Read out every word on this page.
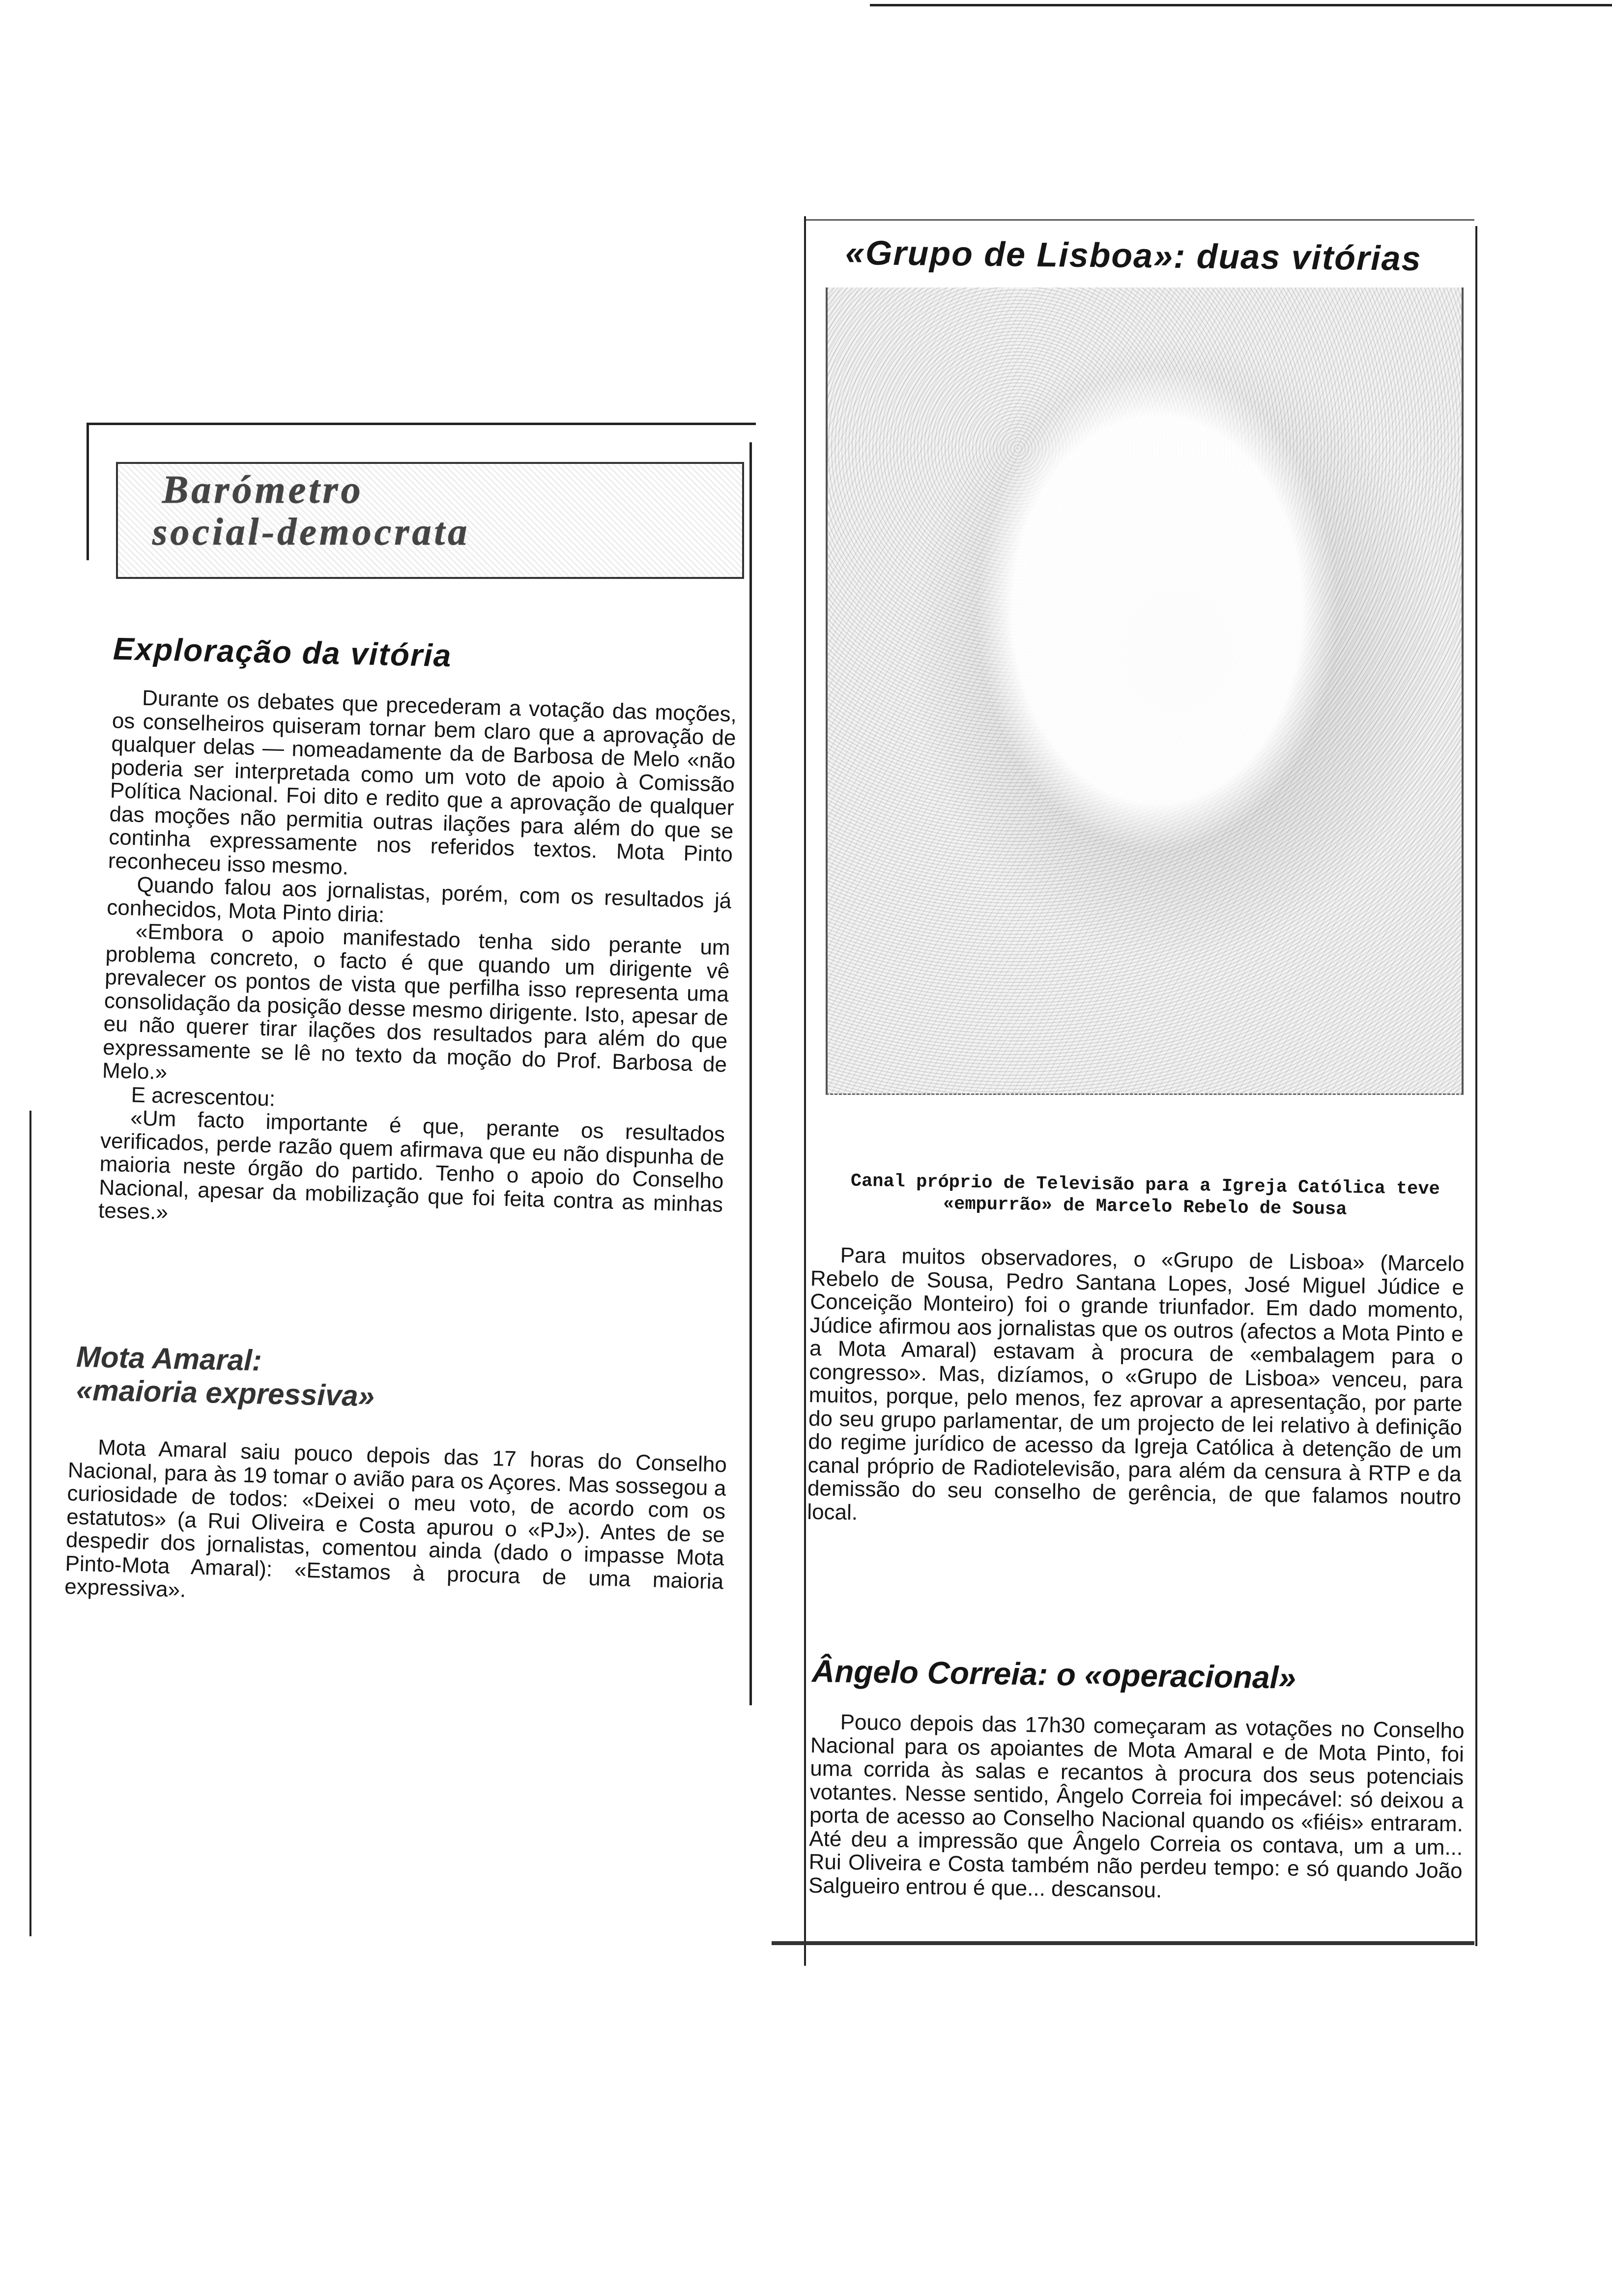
Barómetro
social-democrata
Exploração da vitória

Durante os debates que precederam a votação das moções, os conselheiros quiseram tornar bem claro que a aprovação de qualquer delas — nomeadamente da de Barbosa de Melo «não poderia ser interpretada como um voto de apoio à Comissão Política Nacional. Foi dito e redito que a aprovação de qualquer das moções não permitia outras ilações para além do que se continha expressamente nos referidos textos. Mota Pinto reconheceu isso mesmo.

Quando falou aos jornalistas, porém, com os resultados já conhecidos, Mota Pinto diria:

«Embora o apoio manifestado tenha sido perante um problema concreto, o facto é que quando um dirigente vê prevalecer os pontos de vista que perfilha isso representa uma consolidação da posição desse mesmo dirigente. Isto, apesar de eu não querer tirar ilações dos resultados para além do que expressamente se lê no texto da moção do Prof. Barbosa de Melo.»

E acrescentou:

«Um facto importante é que, perante os resultados verificados, perde razão quem afirmava que eu não dispunha de maioria neste órgão do partido. Tenho o apoio do Conselho Nacional, apesar da mobilização que foi feita contra as minhas teses.»

Mota Amaral:
«maioria expressiva»

Mota Amaral saiu pouco depois das 17 horas do Conselho Nacional, para às 19 tomar o avião para os Açores. Mas sossegou a curiosidade de todos: «Deixei o meu voto, de acordo com os estatutos» (a Rui Oliveira e Costa apurou o «PJ»). Antes de se despedir dos jornalistas, comentou ainda (dado o impasse Mota Pinto-Mota Amaral): «Estamos à procura de uma maioria expressiva».

«Grupo de Lisboa»: duas vitórias
Canal próprio de Televisão para a Igreja Católica teve
«empurrão» de Marcelo Rebelo de Sousa

Para muitos observadores, o «Grupo de Lisboa» (Marcelo Rebelo de Sousa, Pedro Santana Lopes, José Miguel Júdice e Conceição Monteiro) foi o grande triunfador. Em dado momento, Júdice afirmou aos jornalistas que os outros (afectos a Mota Pinto e a Mota Amaral) estavam à procura de «embalagem para o congresso». Mas, dizíamos, o «Grupo de Lisboa» venceu, para muitos, porque, pelo menos, fez aprovar a apresentação, por parte do seu grupo parlamentar, de um projecto de lei relativo à definição do regime jurídico de acesso da Igreja Católica à detenção de um canal próprio de Radiotelevisão, para além da censura à RTP e da demissão do seu conselho de gerência, de que falamos noutro local.

Ângelo Correia: o «operacional»

Pouco depois das 17h30 começaram as votações no Conselho Nacional para os apoiantes de Mota Amaral e de Mota Pinto, foi uma corrida às salas e recantos à procura dos seus potenciais votantes. Nesse sentido, Ângelo Correia foi impecável: só deixou a porta de acesso ao Conselho Nacional quando os «fiéis» entraram. Até deu a impressão que Ângelo Correia os contava, um a um... Rui Oliveira e Costa também não perdeu tempo: e só quando João Salgueiro entrou é que... descansou.
